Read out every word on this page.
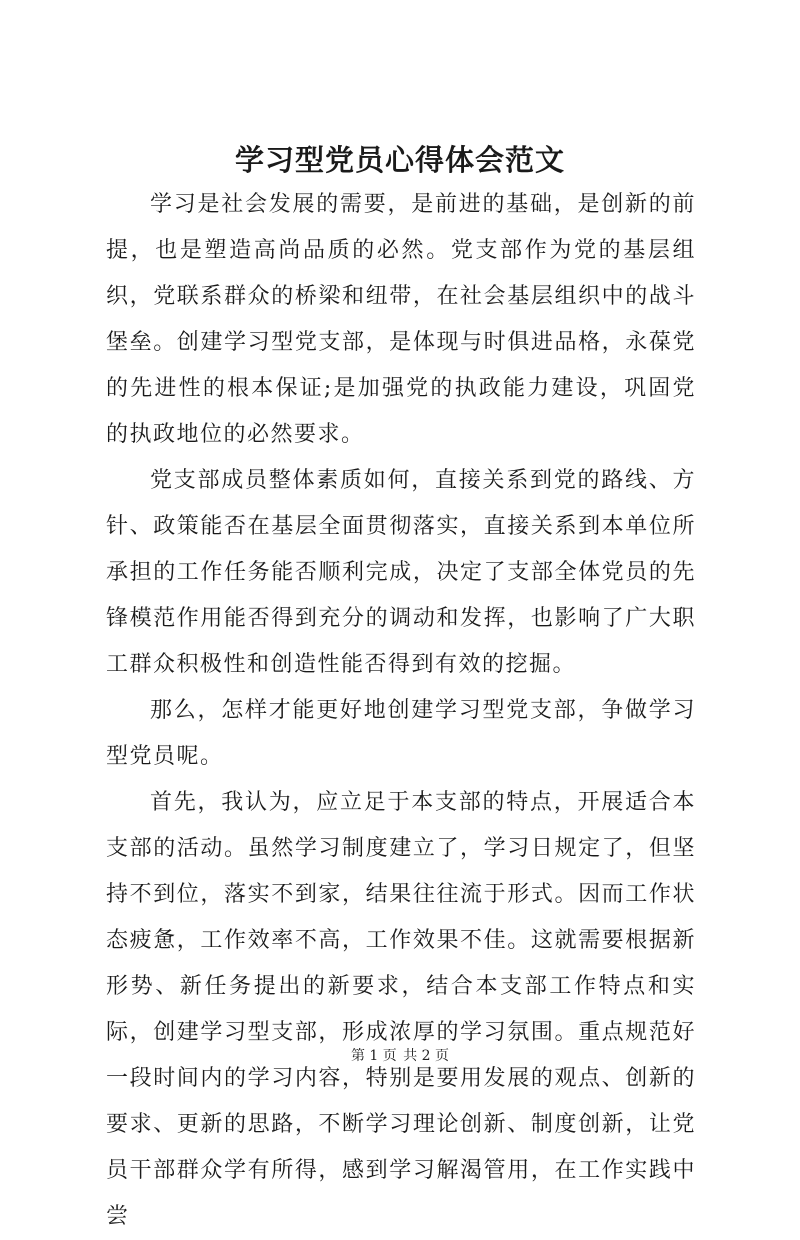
学习型党员心得体会范文

学习是社会发展的需要，是前进的基础，是创新的前提，也是塑造高尚品质的必然。党支部作为党的基层组织，党联系群众的桥梁和纽带，在社会基层组织中的战斗堡垒。创建学习型党支部，是体现与时俱进品格，永葆党的先进性的根本保证;是加强党的执政能力建设，巩固党的执政地位的必然要求。

党支部成员整体素质如何，直接关系到党的路线、方针、政策能否在基层全面贯彻落实，直接关系到本单位所承担的工作任务能否顺利完成，决定了支部全体党员的先锋模范作用能否得到充分的调动和发挥，也影响了广大职工群众积极性和创造性能否得到有效的挖掘。

那么，怎样才能更好地创建学习型党支部，争做学习型党员呢。

首先，我认为，应立足于本支部的特点，开展适合本支部的活动。虽然学习制度建立了，学习日规定了，但坚持不到位，落实不到家，结果往往流于形式。因而工作状态疲惫，工作效率不高，工作效果不佳。这就需要根据新形势、新任务提出的新要求，结合本支部工作特点和实际，创建学习型支部，形成浓厚的学习氛围。重点规范好一段时间内的学习内容，特别是要用发展的观点、创新的要求、更新的思路，不断学习理论创新、制度创新，让党员干部群众学有所得，感到学习解渴管用，在工作实践中尝

第 1 页 共 2 页
